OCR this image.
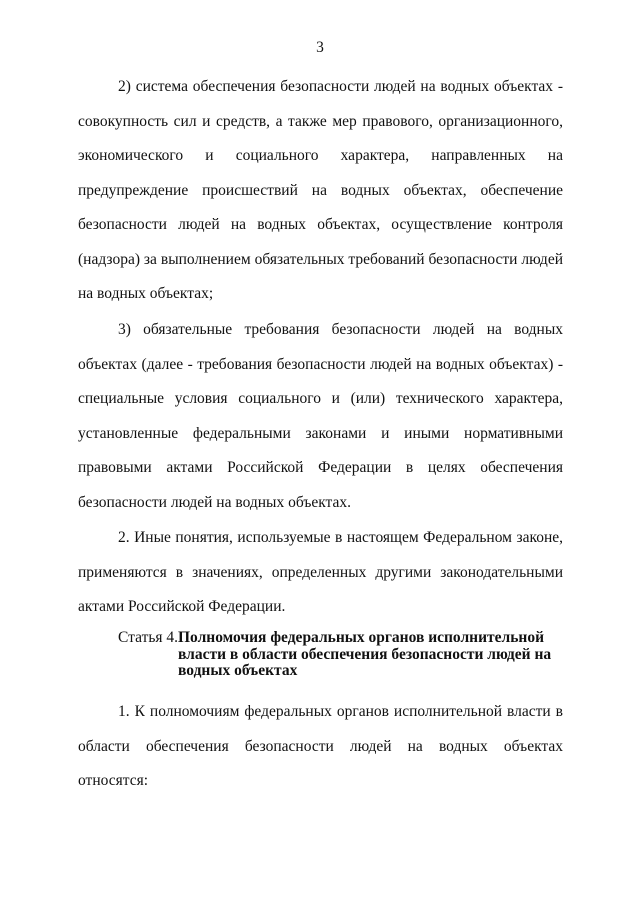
3

2) система обеспечения безопасности людей на водных объектах - совокупность сил и средств, а также мер правового, организационного, экономического и социального характера, направленных на предупреждение происшествий на водных объектах, обеспечение безопасности людей на водных объектах, осуществление контроля (надзора) за выполнением обязательных требований безопасности людей на водных объектах;

3) обязательные требования безопасности людей на водных объектах (далее - требования безопасности людей на водных объектах) - специальные условия социального и (или) технического характера, установленные федеральными законами и иными нормативными правовыми актами Российской Федерации в целях обеспечения безопасности людей на водных объектах.

2. Иные понятия, используемые в настоящем Федеральном законе, применяются в значениях, определенных другими законодательными актами Российской Федерации.

Статья 4. Полномочия федеральных органов исполнительной власти в области обеспечения безопасности людей на водных объектах

1. К полномочиям федеральных органов исполнительной власти в области обеспечения безопасности людей на водных объектах относятся:
